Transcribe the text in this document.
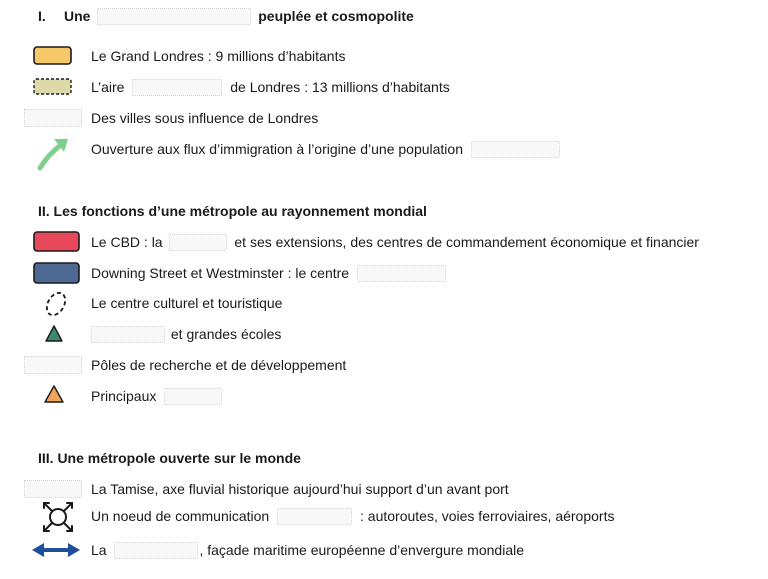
I. Une	peuplée et cosmopolite
Le Grand Londres : 9 millions d’habitants
L’aire	de Londres : 13 millions d’habitants
Des villes sous influence de Londres
Ouverture aux flux d’immigration à l’origine d’une population
II. Les fonctions d’une métropole au rayonnement mondial
Le CBD : la	et ses extensions, des centres de commandement économique et financier
Downing Street et Westminster : le centre
Le centre culturel et touristique
et grandes écoles
Pôles de recherche et de développement
Principaux
III. Une métropole ouverte sur le monde
La Tamise, axe fluvial historique aujourd’hui support d’un avant port
Un noeud de communication	: autoroutes, voies ferroviaires, aéroports
La	, façade maritime européenne d’envergure mondiale
